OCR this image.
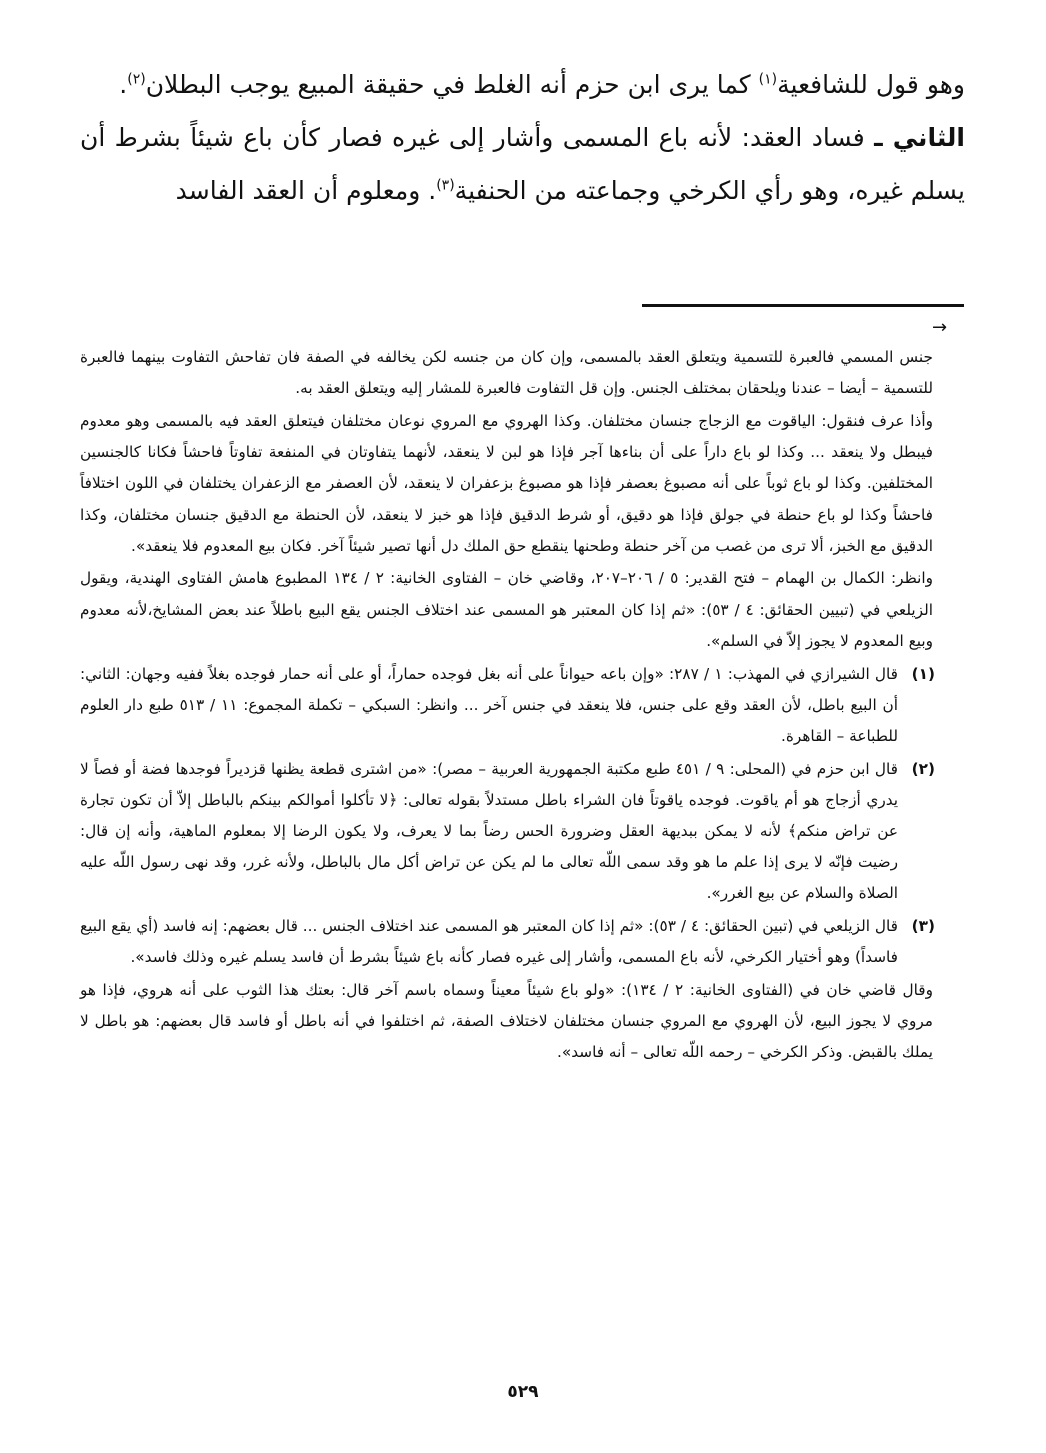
وهو قول للشافعية$^{(١)}$ كما يرى ابن حزم أنه الغلط في حقيقة المبيع يوجب البطلان$^{(٢)}$.

الثاني ـ فساد العقد: لأنه باع المسمى وأشار إلى غيره فصار كأن باع شيئاً بشرط أن يسلم غيره، وهو رأي الكرخي وجماعته من الحنفية$^{(٣)}$. ومعلوم أن العقد الفاسد

→

جنس المسمي فالعبرة للتسمية ويتعلق العقد بالمسمى، وإن كان من جنسه لكن يخالفه في الصفة فان تفاحش التفاوت بينهما فالعبرة للتسمية – أيضا – عندنا ويلحقان بمختلف الجنس. وإن قل التفاوت فالعبرة للمشار إليه ويتعلق العقد به.

وأذا عرف فنقول: الياقوت مع الزجاج جنسان مختلفان. وكذا الهروي مع المروي نوعان مختلفان فيتعلق العقد فيه بالمسمى وهو معدوم فيبطل ولا ينعقد ... وكذا لو باع داراً على أن بناءها آجر فإذا هو لبن لا ينعقد، لأنهما يتفاوتان في المنفعة تفاوتاً فاحشاً فكانا كالجنسين المختلفين. وكذا لو باع ثوباً على أنه مصبوغ بعصفر فإذا هو مصبوغ بزعفران لا ينعقد، لأن العصفر مع الزعفران يختلفان في اللون اختلافاً فاحشاً وكذا لو باع حنطة في جولق فإذا هو دقيق، أو شرط الدقيق فإذا هو خبز لا ينعقد، لأن الحنطة مع الدقيق جنسان مختلفان، وكذا الدقيق مع الخبز، ألا ترى من غصب من آخر حنطة وطحنها ينقطع حق الملك دل أنها تصير شيئاً آخر. فكان بيع المعدوم فلا ينعقد».

وانظر: الكمال بن الهمام – فتح القدير: ٥ / ٢٠٦–٢٠٧، وقاضي خان – الفتاوى الخانية: ٢ / ١٣٤ المطبوع هامش الفتاوى الهندية، ويقول الزيلعي في (تبيين الحقائق: ٤ / ٥٣): «ثم إذا كان المعتبر هو المسمى عند اختلاف الجنس يقع البيع باطلاً عند بعض المشايخ،لأنه معدوم وبيع المعدوم لا يجوز إلاّ في السلم».

(١)
قال الشيرازي في المهذب: ١ / ٢٨٧: «وإن باعه حيواناً على أنه بغل فوجده حماراً، أو على أنه حمار فوجده بغلاً ففيه وجهان: الثاني: أن البيع باطل، لأن العقد وقع على جنس، فلا ينعقد في جنس آخر ... وانظر: السبكي – تكملة المجموع: ١١ / ٥١٣ طبع دار العلوم للطباعة – القاهرة.
(٢)
قال ابن حزم في (المحلى: ٩ / ٤٥١ طبع مكتبة الجمهورية العربية – مصر): «من اشترى قطعة يظنها قزديراً فوجدها فضة أو فصاً لا يدري أزجاج هو أم ياقوت. فوجده ياقوتاً فان الشراء باطل مستدلاً بقوله تعالى: ﴿لا تأكلوا أموالكم بينكم بالباطل إلاّ أن تكون تجارة عن تراض منكم﴾ لأنه لا يمكن ببديهة العقل وضرورة الحس رضاً بما لا يعرف، ولا يكون الرضا إلا بمعلوم الماهية، وأنه إن قال: رضيت فإنّه لا يرى إذا علم ما هو وقد سمى اللّه تعالى ما لم يكن عن تراض أكل مال بالباطل، ولأنه غرر، وقد نهى رسول اللّه عليه الصلاة والسلام عن بيع الغرر».
(٣)
قال الزيلعي في (تبين الحقائق: ٤ / ٥٣): «ثم إذا كان المعتبر هو المسمى عند اختلاف الجنس ... قال بعضهم: إنه فاسد (أي يقع البيع فاسداً) وهو أختيار الكرخي، لأنه باع المسمى، وأشار إلى غيره فصار كأنه باع شيئاً بشرط أن فاسد يسلم غيره وذلك فاسد».

وقال قاضي خان في (الفتاوى الخانية: ٢ / ١٣٤): «ولو باع شيئاً معيناً وسماه باسم آخر قال: بعتك هذا الثوب على أنه هروي، فإذا هو مروي لا يجوز البيع، لأن الهروي مع المروي جنسان مختلفان لاختلاف الصفة، ثم اختلفوا في أنه باطل أو فاسد قال بعضهم: هو باطل لا يملك بالقبض. وذكر الكرخي – رحمه اللّه تعالى – أنه فاسد».

٥٢٩
